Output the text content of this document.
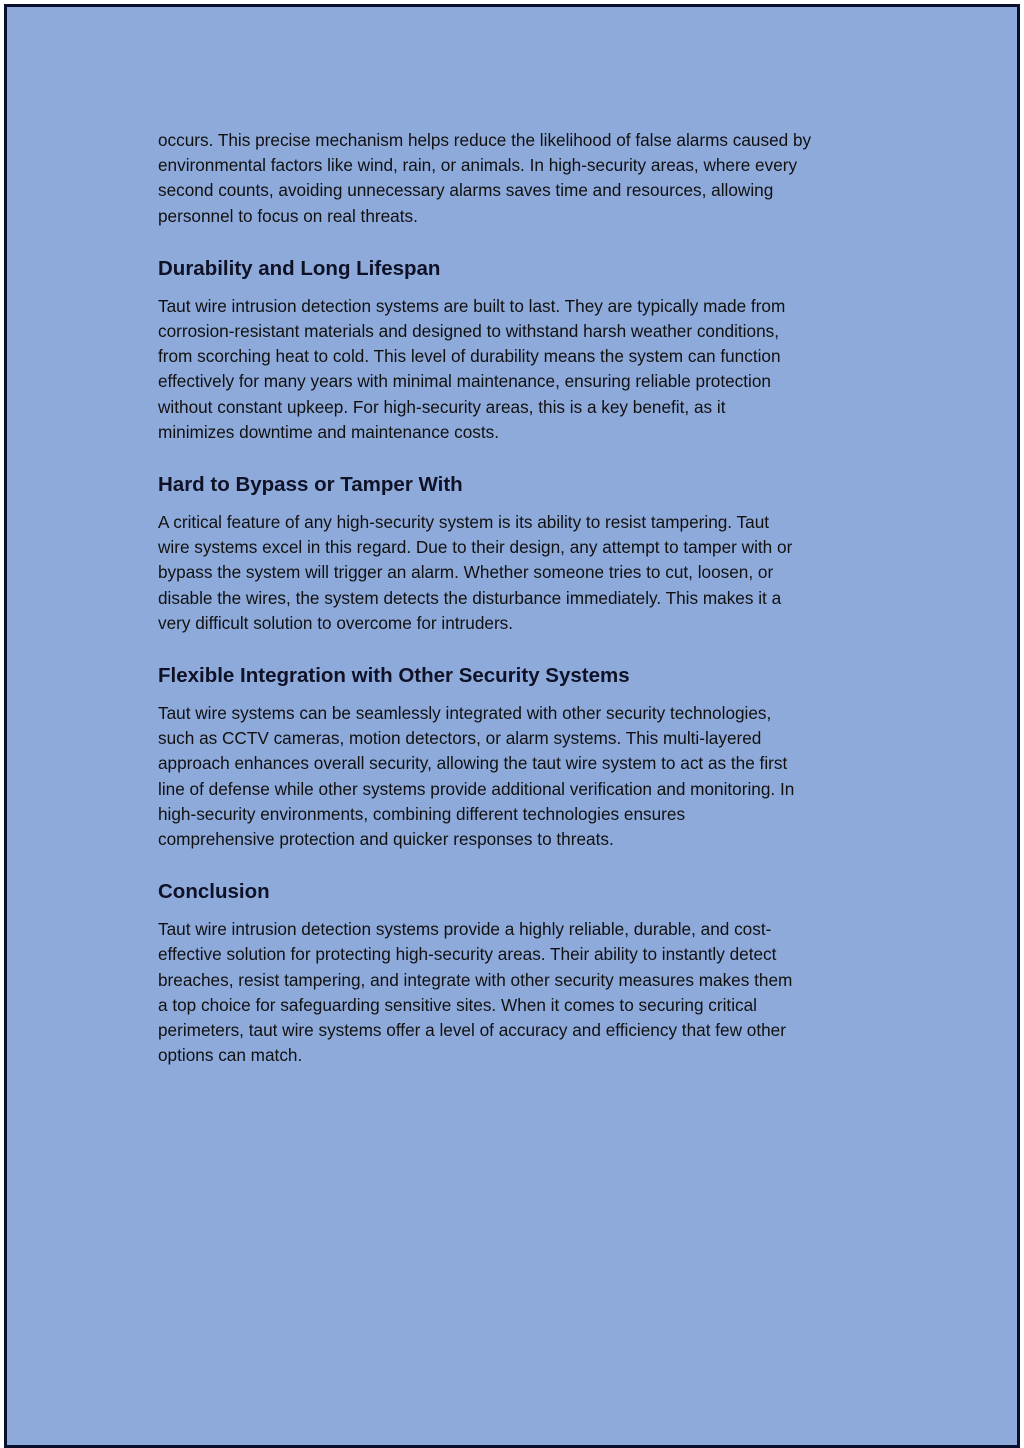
occurs. This precise mechanism helps reduce the likelihood of false alarms caused by
environmental factors like wind, rain, or animals. In high-security areas, where every
second counts, avoiding unnecessary alarms saves time and resources, allowing
personnel to focus on real threats.

Durability and Long Lifespan

Taut wire intrusion detection systems are built to last. They are typically made from
corrosion-resistant materials and designed to withstand harsh weather conditions,
from scorching heat to cold. This level of durability means the system can function
effectively for many years with minimal maintenance, ensuring reliable protection
without constant upkeep. For high-security areas, this is a key benefit, as it
minimizes downtime and maintenance costs.

Hard to Bypass or Tamper With

A critical feature of any high-security system is its ability to resist tampering. Taut
wire systems excel in this regard. Due to their design, any attempt to tamper with or
bypass the system will trigger an alarm. Whether someone tries to cut, loosen, or
disable the wires, the system detects the disturbance immediately. This makes it a
very difficult solution to overcome for intruders.

Flexible Integration with Other Security Systems

Taut wire systems can be seamlessly integrated with other security technologies,
such as CCTV cameras, motion detectors, or alarm systems. This multi-layered
approach enhances overall security, allowing the taut wire system to act as the first
line of defense while other systems provide additional verification and monitoring. In
high-security environments, combining different technologies ensures
comprehensive protection and quicker responses to threats.

Conclusion

Taut wire intrusion detection systems provide a highly reliable, durable, and cost-
effective solution for protecting high-security areas. Their ability to instantly detect
breaches, resist tampering, and integrate with other security measures makes them
a top choice for safeguarding sensitive sites. When it comes to securing critical
perimeters, taut wire systems offer a level of accuracy and efficiency that few other
options can match.
